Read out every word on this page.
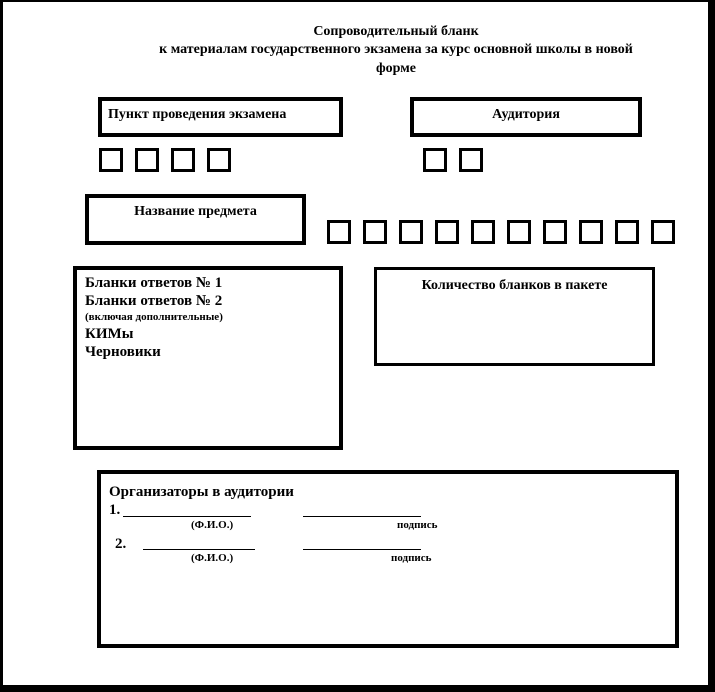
Сопроводительный бланк
к материалам государственного экзамена за курс основной школы в новой
форме
Пункт проведения экзамена	Аудитория
Название предмета
Бланки ответов № 1
Бланки ответов № 2
(включая дополнительные)
КИМы
Черновики
Количество бланков в пакете
Организаторы в аудитории
1.
(Ф.И.О.)	подпись
2.
(Ф.И.О.)	подпись
